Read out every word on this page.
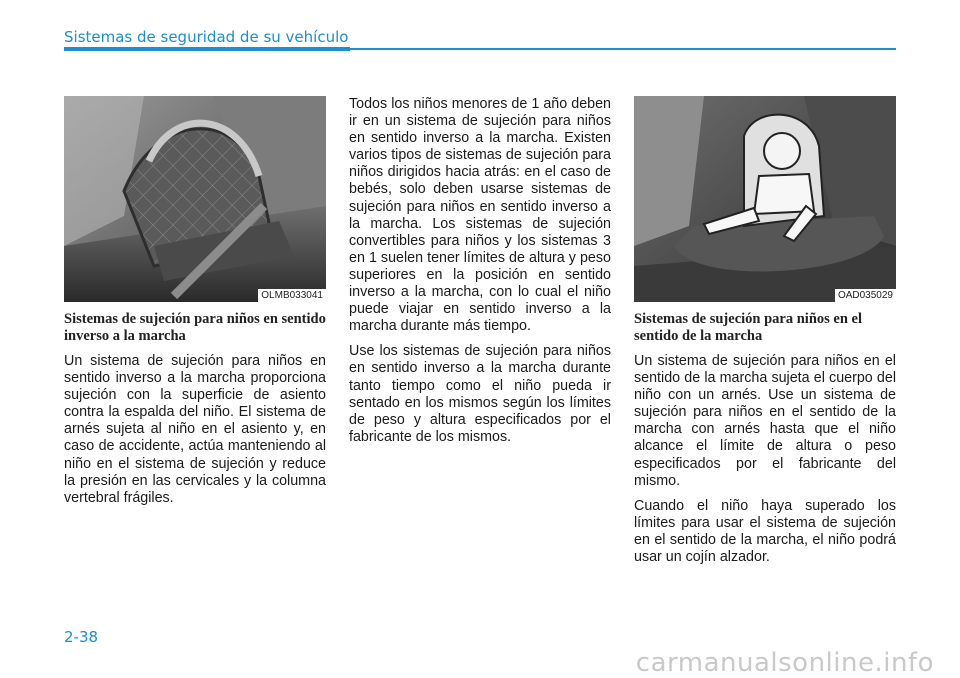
Sistemas de seguridad de su vehículo
OLMB033041	OAD035029
Sistemas de sujeción para niños en sentido inverso a la marcha

Un sistema de sujeción para niños en sentido inverso a la marcha proporciona sujeción con la superficie de asiento contra la espalda del niño. El sistema de arnés sujeta al niño en el asiento y, en caso de accidente, actúa manteniendo al niño en el sistema de sujeción y reduce la presión en las cervicales y la columna vertebral frágiles.

Todos los niños menores de 1 año deben ir en un sistema de sujeción para niños en sentido inverso a la marcha. Existen varios tipos de sistemas de sujeción para niños dirigidos hacia atrás: en el caso de bebés, solo deben usarse sistemas de sujeción para niños en sentido inverso a la marcha. Los sistemas de sujeción convertibles para niños y los sistemas 3 en 1 suelen tener límites de altura y peso superiores en la posición en sentido inverso a la marcha, con lo cual el niño puede viajar en sentido inverso a la marcha durante más tiempo.

Use los sistemas de sujeción para niños en sentido inverso a la marcha durante tanto tiempo como el niño pueda ir sentado en los mismos según los límites de peso y altura especificados por el fabricante de los mismos.

Sistemas de sujeción para niños en el sentido de la marcha

Un sistema de sujeción para niños en el sentido de la marcha sujeta el cuerpo del niño con un arnés. Use un sistema de sujeción para niños en el sentido de la marcha con arnés hasta que el niño alcance el límite de altura o peso especificados por el fabricante del mismo.

Cuando el niño haya superado los límites para usar el sistema de sujeción en el sentido de la marcha, el niño podrá usar un cojín alzador.

2-38
carmanualsonline.info
